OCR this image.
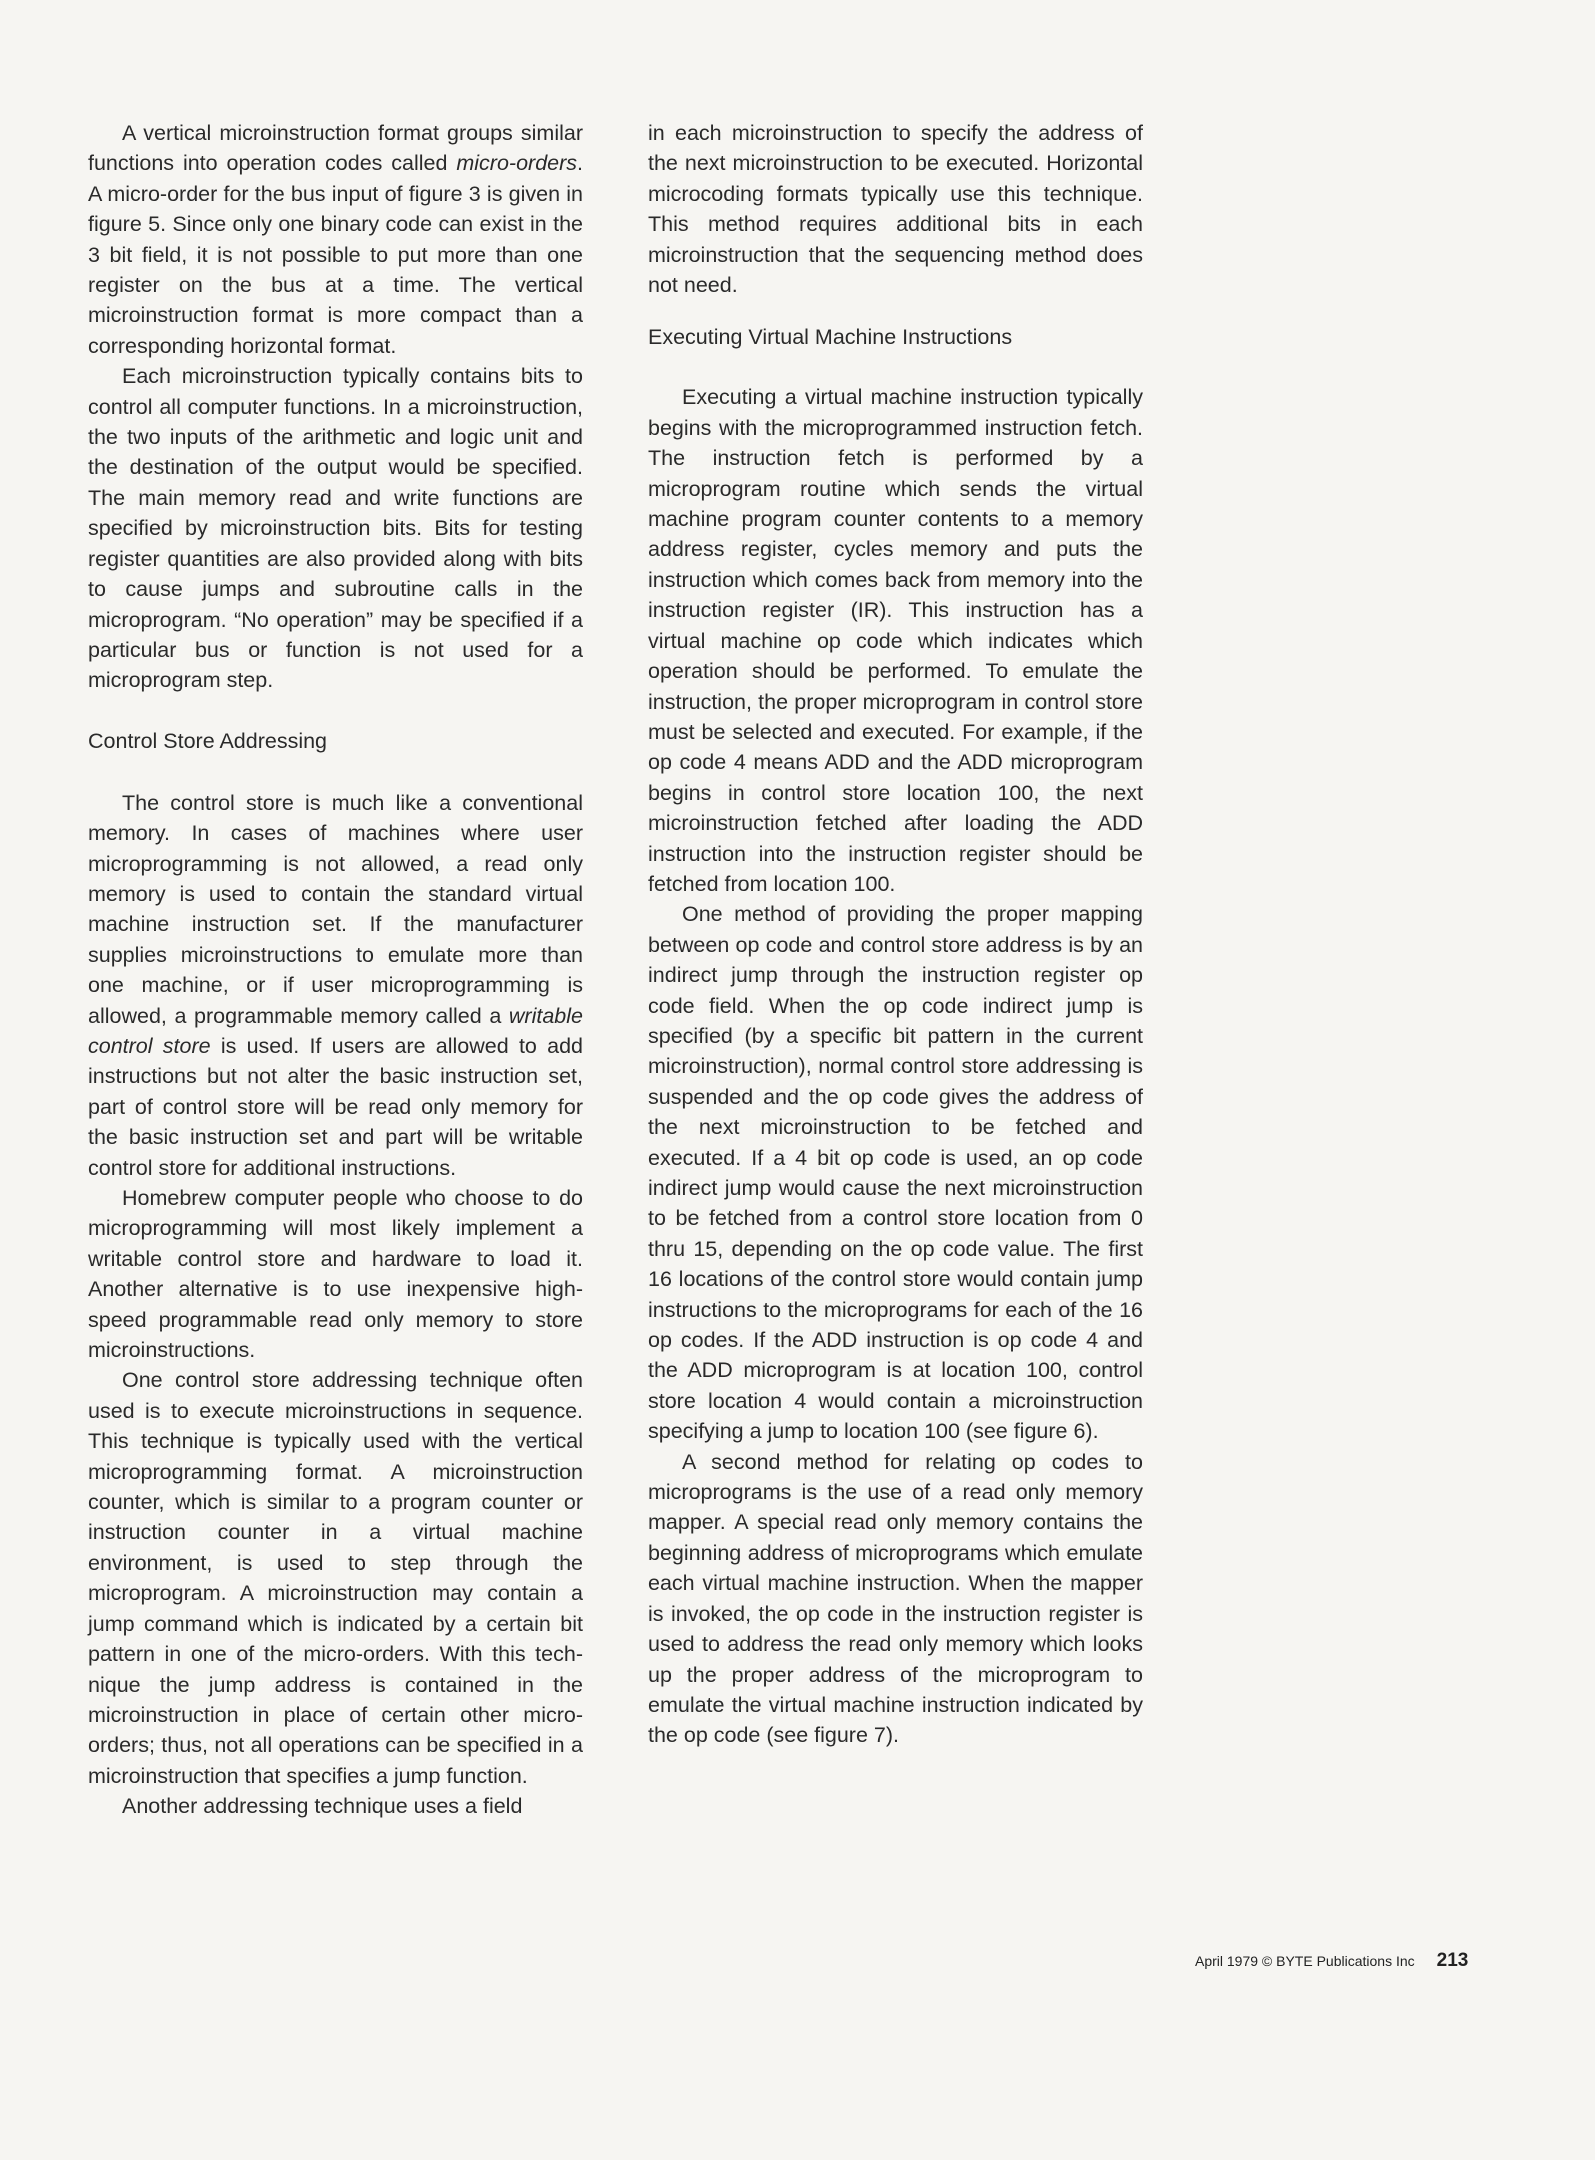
A vertical microinstruction format groups similar functions into operation codes called micro-orders. A micro-order for the bus input of figure 3 is given in figure 5. Since only one binary code can exist in the 3 bit field, it is not possible to put more than one register on the bus at a time. The vertical microinstruction format is more compact than a corresponding horizontal format.

Each microinstruction typically contains bits to control all computer functions. In a microinstruction, the two inputs of the arithmetic and logic unit and the destination of the output would be specified. The main memory read and write functions are specified by microinstruction bits. Bits for testing register quantities are also provided along with bits to cause jumps and subroutine calls in the microprogram. “No operation” may be specified if a particular bus or function is not used for a microprogram step.

Control Store Addressing

The control store is much like a conventional memory. In cases of machines where user microprogramming is not allowed, a read only memory is used to contain the standard virtual machine instruction set. If the manufacturer supplies microinstructions to emulate more than one machine, or if user microprogramming is allowed, a programmable memory called a writable control store is used. If users are allowed to add instructions but not alter the basic instruction set, part of control store will be read only memory for the basic instruction set and part will be writable control store for additional instructions.

Homebrew computer people who choose to do microprogramming will most likely implement a writable control store and hardware to load it. Another alternative is to use inexpensive high-speed programmable read only memory to store microinstructions.

One control store addressing technique often used is to execute microinstructions in sequence. This technique is typically used with the vertical microprogramming format. A microinstruction counter, which is similar to a program counter or instruction counter in a virtual machine environment, is used to step through the microprogram. A microinstruction may contain a jump command which is indicated by a certain bit pattern in one of the micro-orders. With this technique the jump address is contained in the microinstruction in place of certain other micro-orders; thus, not all operations can be specified in a microinstruction that specifies a jump function.

Another addressing technique uses a field

in each microinstruction to specify the address of the next microinstruction to be executed. Horizontal microcoding formats typically use this technique. This method requires additional bits in each microinstruction that the sequencing method does not need.

Executing Virtual Machine Instructions

Executing a virtual machine instruction typically begins with the microprogrammed instruction fetch. The instruction fetch is performed by a microprogram routine which sends the virtual machine program counter contents to a memory address register, cycles memory and puts the instruction which comes back from memory into the instruction register (IR). This instruction has a virtual machine op code which indicates which operation should be performed. To emulate the instruction, the proper microprogram in control store must be selected and executed. For example, if the op code 4 means ADD and the ADD microprogram begins in control store location 100, the next microinstruction fetched after loading the ADD instruction into the instruction register should be fetched from location 100.

One method of providing the proper mapping between op code and control store address is by an indirect jump through the instruction register op code field. When the op code indirect jump is specified (by a specific bit pattern in the current microinstruction), normal control store addressing is suspended and the op code gives the address of the next microinstruction to be fetched and executed. If a 4 bit op code is used, an op code indirect jump would cause the next microinstruction to be fetched from a control store location from 0 thru 15, depending on the op code value. The first 16 locations of the control store would contain jump instructions to the microprograms for each of the 16 op codes. If the ADD instruction is op code 4 and the ADD microprogram is at location 100, control store location 4 would contain a microinstruction specifying a jump to location 100 (see figure 6).

A second method for relating op codes to microprograms is the use of a read only memory mapper. A special read only memory contains the beginning address of microprograms which emulate each virtual machine instruction. When the mapper is invoked, the op code in the instruction register is used to address the read only memory which looks up the proper address of the microprogram to emulate the virtual machine instruction indicated by the op code (see figure 7).

April 1979 © BYTE Publications Inc 213
